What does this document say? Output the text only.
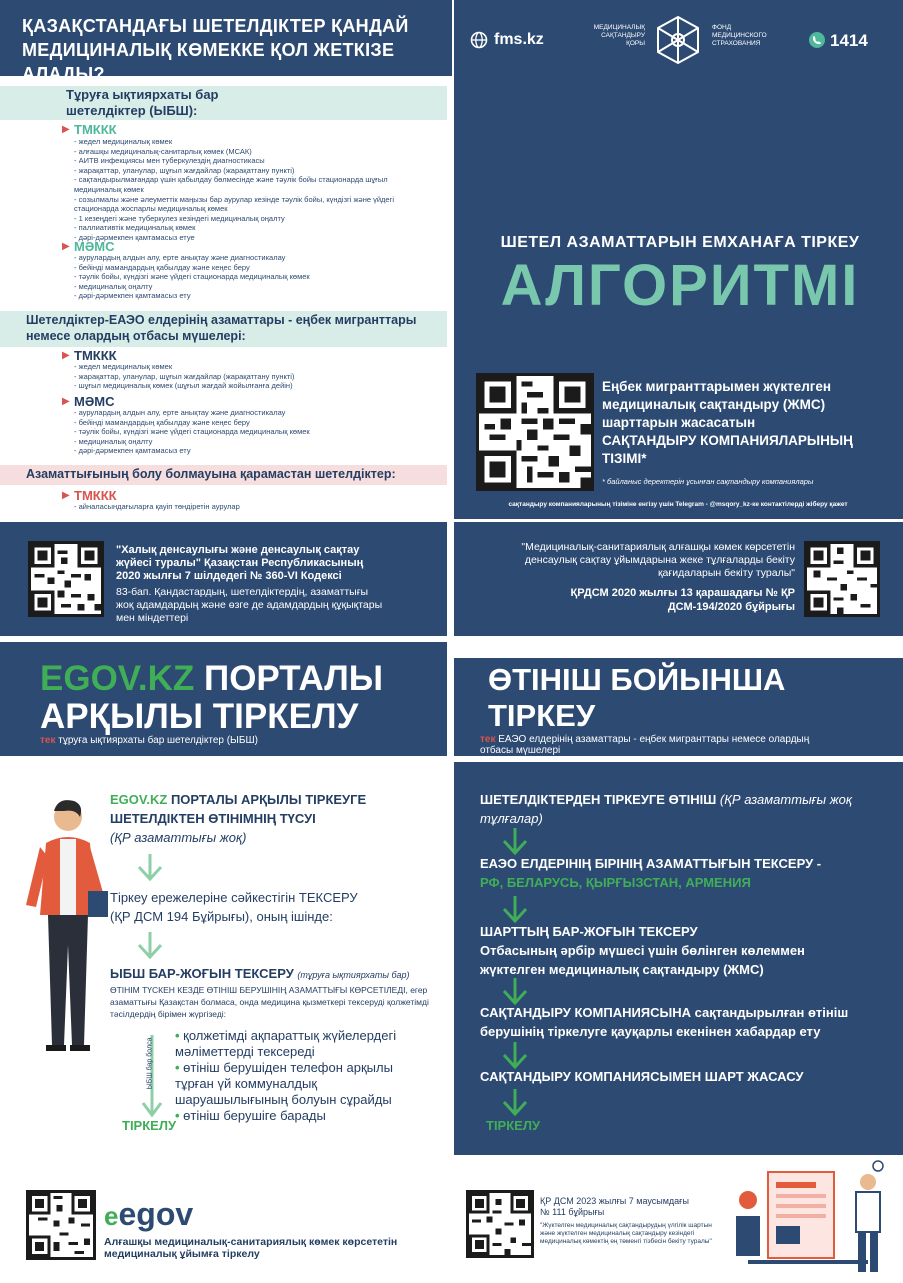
ҚАЗАҚСТАНДАҒЫ ШЕТЕЛДІКТЕР ҚАНДАЙ
МЕДИЦИНАЛЫҚ КӨМЕККЕ ҚОЛ ЖЕТКІЗЕ АЛАДЫ?
fms.kz
МЕДИЦИНАЛЫҚ САҚТАНДЫРУ ҚОРЫ
ФОНД МЕДИЦИНСКОГО СТРАХОВАНИЯ	1414
Тұруға ықтиярхаты бар шетелдіктер (ЫБШ):
ТМККК
▶
- жедел медициналық көмек
- алғашқы медициналық-санитарлық көмек (МСАК)
- АИТВ инфекциясы мен туберкулездің диагностикасы
- жарақаттар, уланулар, шұғыл жағдайлар (жарақаттану пункті)
- сақтандырылмағандар үшін қабылдау бөлмесінде және тәулік бойы стационарда шұғыл медициналық көмек
- созылмалы және әлеуметтік маңызы бар аурулар кезінде тәулік бойы, күндізгі және үйдегі стационарда жоспарлы медициналық көмек
- 1 кезеңдегі және туберкулез кезіндегі медициналық оңалту
- паллиативтік медициналық көмек
- дәрі-дәрмекпен қамтамасыз етуе
▶ МӘМС
- аурулардың алдын алу, ерте анықтау және диагностикалау
- бейінді мамандардың қабылдау және кеңес беру
- тәулік бойы, күндізгі және үйдегі стационарда медициналық көмек
- медициналық оңалту
- дәрі-дәрмекпен қамтамасыз ету
Шетелдіктер-ЕАЭО елдерінің азаматтары - еңбек мигранттары немесе олардың отбасы мүшелері:
▶ ТМККК
- жедел медициналық көмек
- жарақаттар, уланулар, шұғыл жағдайлар (жарақаттану пункті)
- шұғыл медициналық көмек (шұғыл жағдай жойылғанға дейін)
▶ МӘМС
- аурулардың алдын алу, ерте анықтау және диагностикалау
- бейінді мамандардың қабылдау және кеңес беру
- тәулік бойы, күндізгі және үйдегі стационарда медициналық көмек
- медициналық оңалту
- дәрі-дәрмекпен қамтамасыз ету
Азаматтығының болу болмауына қарамастан шетелдіктер:
▶ ТМККК
- айналасындағыларға қауіп төндіретін аурулар
ШЕТЕЛ АЗАМАТТАРЫН ЕМХАНАҒА ТІРКЕУ
АЛГОРИТМІ
Еңбек мигранттарымен жүктелген медициналық сақтандыру (ЖМС) шарттарын жасасатын
САҚТАНДЫРУ КОМПАНИЯЛАРЫНЫҢ ТІЗІМІ*
* байланыс деректерін ұсынған сақтандыру компаниялары
сақтандыру компанияларының тізіміне енгізу үшін Telegram - @msqory_kz-ке контактілерді жіберу қажет
"Халық денсаулығы және денсаулық сақтау жүйесі туралы" Қазақстан Республикасының 2020 жылғы 7 шілдедегі № 360-VI Кодексі
83-бап. Қандастардың, шетелдіктердің, азаматтығы жоқ адамдардың және өзге де адамдардың құқықтары мен міндеттері
"Медициналық-санитариялық алғашқы көмек көрсететін денсаулық сақтау ұйымдарына жеке тұлғаларды бекіту қағидаларын бекіту туралы"
ҚРДСМ 2020 жылғы 13 қарашадағы № ҚР ДСМ-194/2020 бұйрығы
EGOV.KZ ПОРТАЛЫ
АРҚЫЛЫ ТІРКЕЛУ
тек тұруға ықтиярхаты бар шетелдіктер (ЫБШ)
ӨТІНІШ БОЙЫНША
ТІРКЕУ
тек ЕАЭО елдерінің азаматтары - еңбек мигранттары немесе олардың отбасы мүшелері
EGOV.KZ ПОРТАЛЫ АРҚЫЛЫ ТІРКЕУГЕ ШЕТЕЛДІКТЕН ӨТІНІМНІҢ ТҮСУІ
(ҚР азаматтығы жоқ)
Тіркеу ережелеріне сәйкестігін ТЕКСЕРУ (ҚР ДСМ 194 Бұйрығы), оның ішінде:
ЫБШ БАР-ЖОҒЫН ТЕКСЕРУ (тұруға ықтиярхаты бар)
ӨТІНІМ ТҮСКЕН КЕЗДЕ ӨТІНІШ БЕРУШІНІҢ АЗАМАТТЫҒЫ КӨРСЕТІЛЕДІ, егер азаматтығы Қазақстан болмаса, онда медицина қызметкері тексеруді қолжетімді тәсілдердің бірімен жүргізеді:
• қолжетімді ақпараттық жүйелердегі мәліметтерді тексереді
• өтініш берушіден телефон арқылы тұрған үй коммуналдық шаруашылығының болуын сұрайды
• өтініш берушіге барады
ЫБШ бар болса
ТІРКЕЛУ
ШЕТЕЛДІКТЕРДЕН ТІРКЕУГЕ ӨТІНІШ (ҚР азаматтығы жоқ тұлғалар)
ЕАЭО ЕЛДЕРІНІҢ БІРІНІҢ АЗАМАТТЫҒЫН ТЕКСЕРУ -
РФ, БЕЛАРУСЬ, ҚЫРҒЫЗСТАН, АРМЕНИЯ
ШАРТТЫҢ БАР-ЖОҒЫН ТЕКСЕРУ
Отбасының әрбір мүшесі үшін бөлінген көлеммен жүктелген медициналық сақтандыру (ЖМС)
САҚТАНДЫРУ КОМПАНИЯСЫНА сақтандырылған өтініш берушінің тіркелуге қауқарлы екенінен хабардар ету
САҚТАНДЫРУ КОМПАНИЯСЫМЕН ШАРТ ЖАСАСУ
ТІРКЕЛУ
eegov
Алғашқы медициналық-санитариялық көмек көрсететін медициналық ұйымға тіркелу
ҚР ДСМ 2023 жылғы 7 маусымдағы № 111 бұйрығы
"Жүктелген медициналық сақтандырудың үлгілік шартын және жүктелген медициналық сақтандыру кезіндегі медициналық көмектің ең төменгі тізбесін бекіту туралы"
